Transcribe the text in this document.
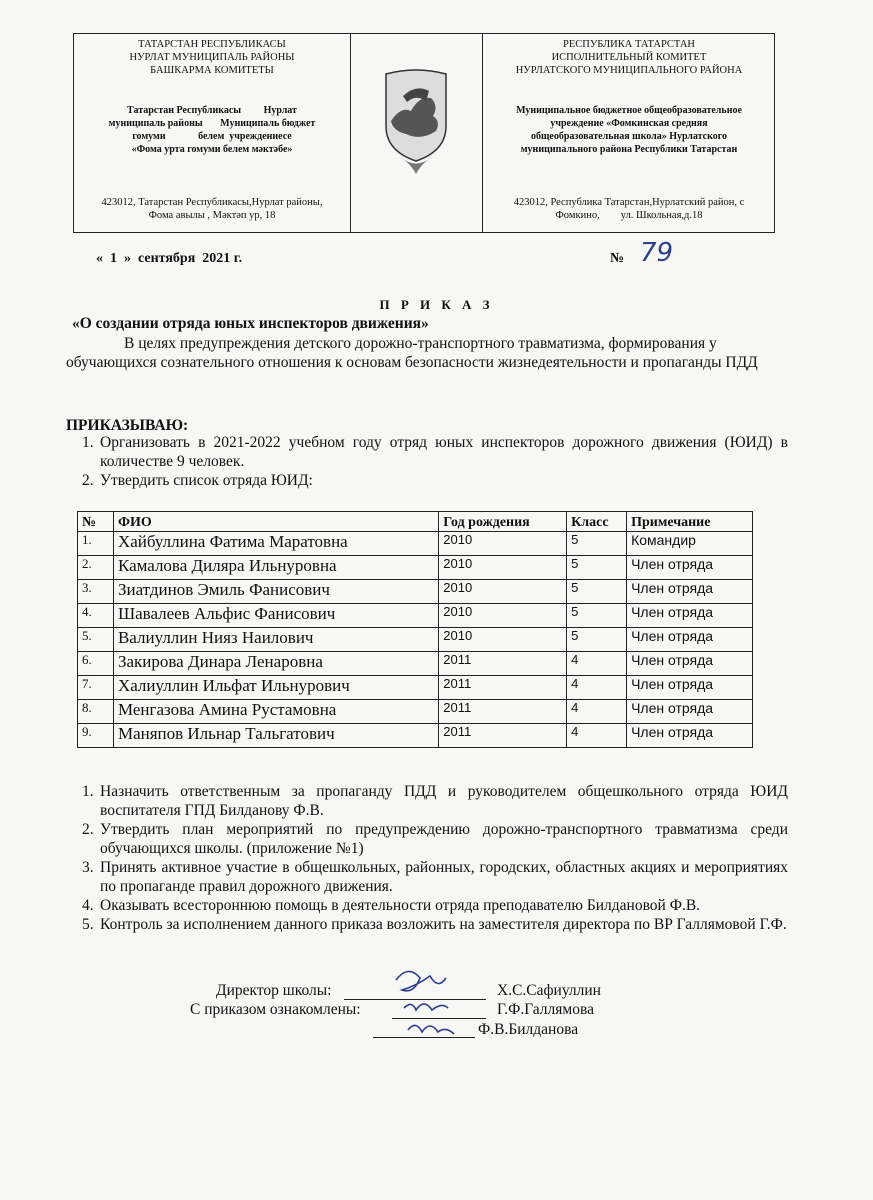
ТАТАРСТАН РЕСПУБЛИКАСЫ
НУРЛАТ МУНИЦИПАЛЬ РАЙОНЫ
БАШКАРМА КОМИТЕТЫ
Татарстан Республикасы         Нурлат
муниципаль районы       Муниципаль бюджет
гомуми             белем  учреждениесе
«Фома урта гомуми белем мәктәбе»
423012, Татарстан Республикасы,Нурлат районы,
Фома авылы , Мәктәп ур, 18
РЕСПУБЛИКА ТАТАРСТАН
ИСПОЛНИТЕЛЬНЫЙ КОМИТЕТ
НУРЛАТСКОГО МУНИЦИПАЛЬНОГО РАЙОНА
Муниципальное бюджетное общеобразовательное
учреждение «Фомкинская средняя
общеобразовательная школа» Нурлатского
муниципального района Республики Татарстан
423012, Республика Татарстан,Нурлатский район, с
Фомкино,        ул. Школьная,д.18
«  1  »  сентября  2021 г.	№ 79
П Р И К А З
«О создании отряда юных инспекторов движения»
В целях предупреждения детского дорожно-транспортного травматизма, формирования у обучающихся сознательного отношения к основам безопасности жизнедеятельности и пропаганды ПДД
ПРИКАЗЫВАЮ:
1. Организовать в 2021-2022 учебном году отряд юных инспекторов дорожного движения (ЮИД) в количестве 9 человек.
2. Утвердить список отряда ЮИД:
№	ФИО	Год рождения	Класс	Примечание
1.	Хайбуллина Фатима Маратовна	2010	5	Командир
2.	Камалова Диляра Ильнуровна	2010	5	Член отряда
3.	Зиатдинов Эмиль Фанисович	2010	5	Член отряда
4.	Шавалеев Альфис Фанисович	2010	5	Член отряда
5.	Валиуллин Нияз Наилович	2010	5	Член отряда
6.	Закирова Динара Ленаровна	2011	4	Член отряда
7.	Халиуллин Ильфат Ильнурович	2011	4	Член отряда
8.	Менгазова Амина Рустамовна	2011	4	Член отряда
9.	Маняпов Ильнар Тальгатович	2011	4	Член отряда
1. Назначить ответственным за пропаганду ПДД и руководителем общешкольного отряда ЮИД воспитателя ГПД Билданову Ф.В.
2. Утвердить план мероприятий по предупреждению дорожно-транспортного травматизма среди обучающихся школы. (приложение №1)
3. Принять активное участие в общешкольных, районных, городских, областных акциях и мероприятиях по пропаганде правил дорожного движения.
4. Оказывать всестороннюю помощь в деятельности отряда преподавателю Билдановой Ф.В.
5. Контроль за исполнением данного приказа возложить на заместителя директора по ВР Галлямовой Г.Ф.
Директор школы:	Х.С.Сафиуллин
С приказом ознакомлены:	Г.Ф.Галлямова
Ф.В.Билданова
